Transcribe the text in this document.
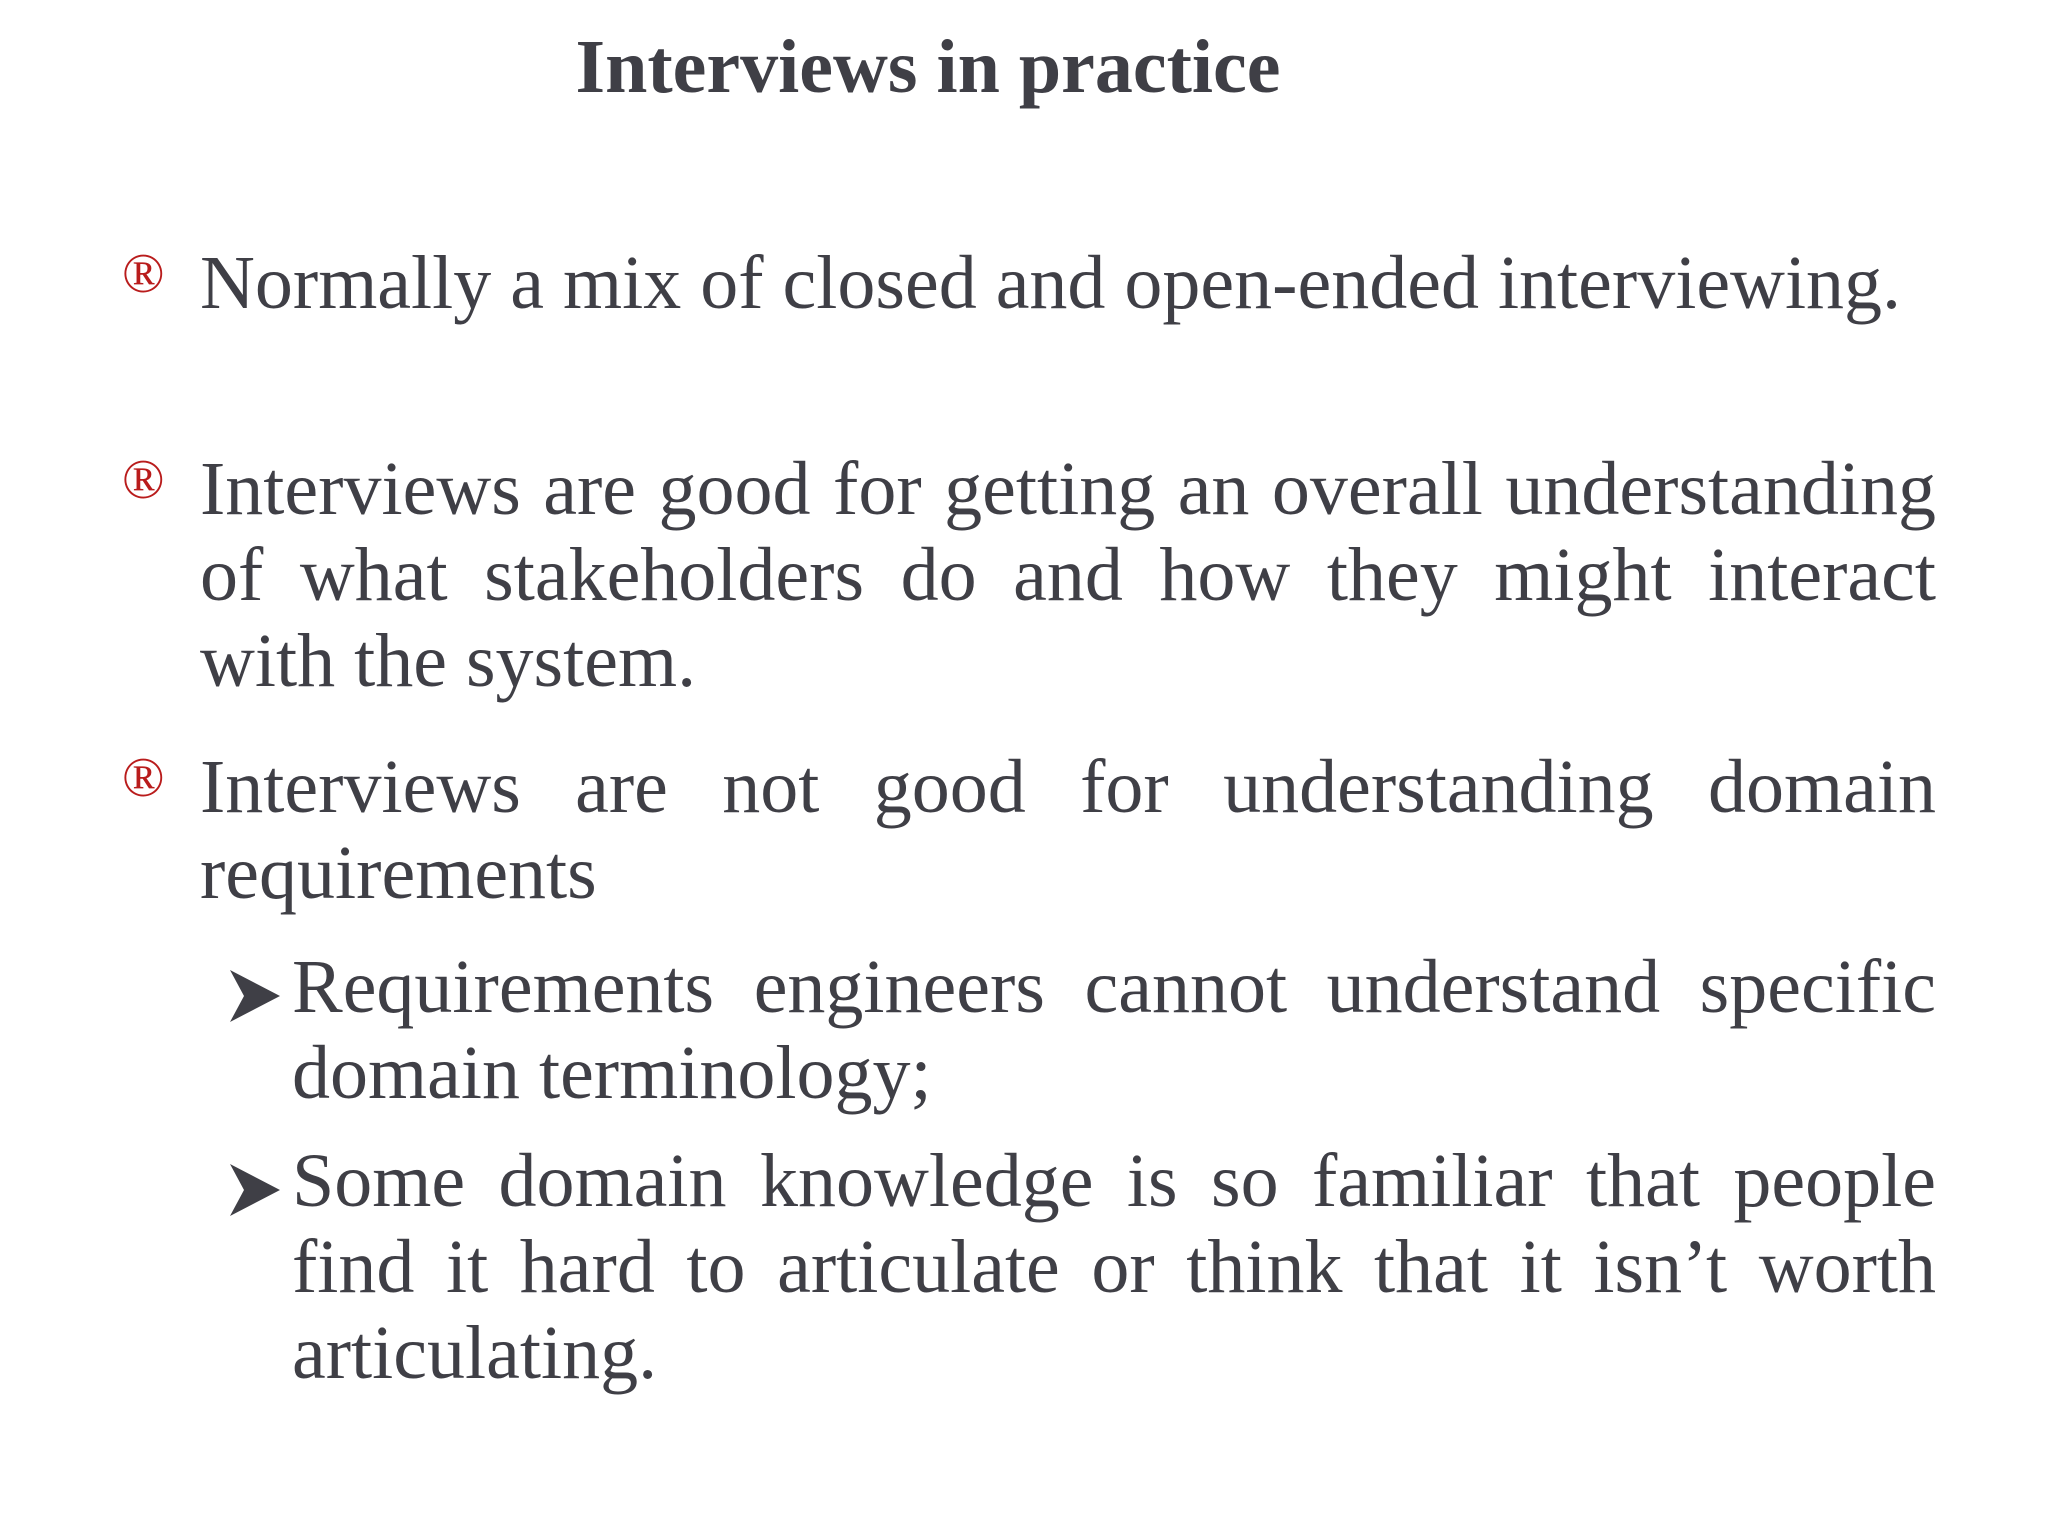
Interviews in practice
® Normally a mix of closed and open-ended interviewing.
® Interviews are good for getting an overall understanding of what stakeholders do and how they might interact with the system.
® Interviews are not good for understanding domain requirements
Requirements engineers cannot understand specific domain terminology;
Some domain knowledge is so familiar that people find it hard to articulate or think that it isn’t worth articulating.
